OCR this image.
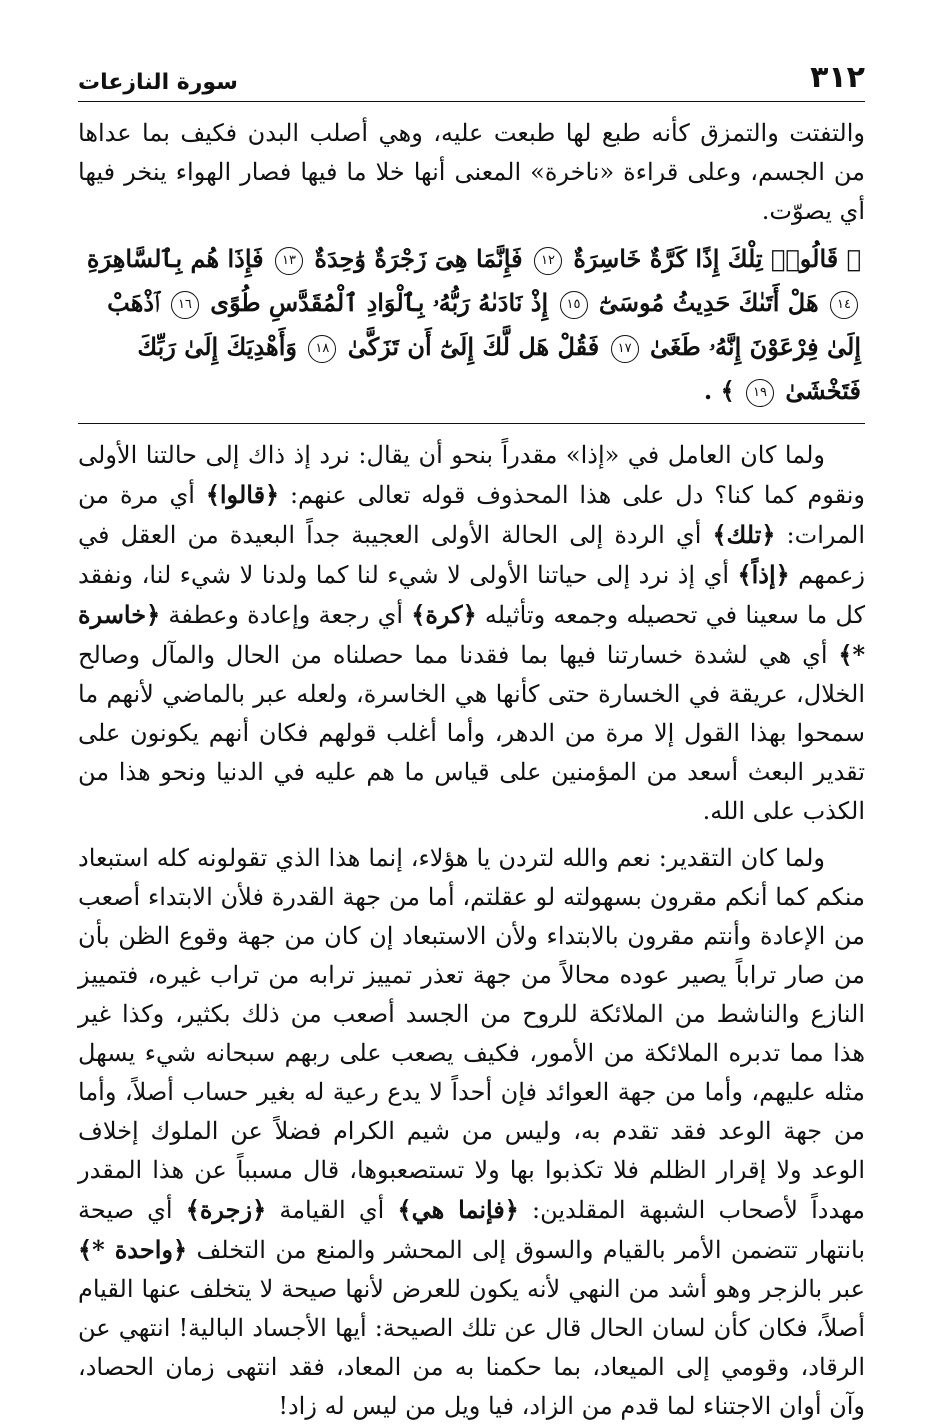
٣١٢
سورة النازعات

والتفتت والتمزق كأنه طبع لها طبعت عليه، وهي أصلب البدن فكيف بما عداها من الجسم، وعلى قراءة «ناخرة» المعنى أنها خلا ما فيها فصار الهواء ينخر فيها أي يصوّت.

﴿ قَالُوا۟ تِلْكَ إِذًا كَرَّةٌ خَاسِرَةٌ ١٢ فَإِنَّمَا هِىَ زَجْرَةٌ وَٰحِدَةٌ ١٣ فَإِذَا هُم بِٱلسَّاهِرَةِ ١٤ هَلْ أَتَىٰكَ حَدِيثُ مُوسَىٰٓ ١٥ إِذْ نَادَىٰهُ رَبُّهُۥ بِٱلْوَادِ ٱلْمُقَدَّسِ طُوًى ١٦ ٱذْهَبْ إِلَىٰ فِرْعَوْنَ إِنَّهُۥ طَغَىٰ ١٧ فَقُلْ هَل لَّكَ إِلَىٰٓ أَن تَزَكَّىٰ ١٨ وَأَهْدِيَكَ إِلَىٰ رَبِّكَ فَتَخْشَىٰ ١٩ ﴾ .

ولما كان العامل في «إذا» مقدراً بنحو أن يقال: نرد إذ ذاك إلى حالتنا الأولى ونقوم كما كنا؟ دل على هذا المحذوف قوله تعالى عنهم: ﴿قالوا﴾ أي مرة من المرات: ﴿تلك﴾ أي الردة إلى الحالة الأولى العجيبة جداً البعيدة من العقل في زعمهم ﴿إذاً﴾ أي إذ نرد إلى حياتنا الأولى لا شيء لنا كما ولدنا لا شيء لنا، ونفقد كل ما سعينا في تحصيله وجمعه وتأثيله ﴿كرة﴾ أي رجعة وإعادة وعطفة ﴿خاسرة *﴾ أي هي لشدة خسارتنا فيها بما فقدنا مما حصلناه من الحال والمآل وصالح الخلال، عريقة في الخسارة حتى كأنها هي الخاسرة، ولعله عبر بالماضي لأنهم ما سمحوا بهذا القول إلا مرة من الدهر، وأما أغلب قولهم فكان أنهم يكونون على تقدير البعث أسعد من المؤمنين على قياس ما هم عليه في الدنيا ونحو هذا من الكذب على الله.

ولما كان التقدير: نعم والله لتردن يا هؤلاء، إنما هذا الذي تقولونه كله استبعاد منكم كما أنكم مقرون بسهولته لو عقلتم، أما من جهة القدرة فلأن الابتداء أصعب من الإعادة وأنتم مقرون بالابتداء ولأن الاستبعاد إن كان من جهة وقوع الظن بأن من صار تراباً يصير عوده محالاً من جهة تعذر تمييز ترابه من تراب غيره، فتمييز النازع والناشط من الملائكة للروح من الجسد أصعب من ذلك بكثير، وكذا غير هذا مما تدبره الملائكة من الأمور، فكيف يصعب على ربهم سبحانه شيء يسهل مثله عليهم، وأما من جهة العوائد فإن أحداً لا يدع رعية له بغير حساب أصلاً، وأما من جهة الوعد فقد تقدم به، وليس من شيم الكرام فضلاً عن الملوك إخلاف الوعد ولا إقرار الظلم فلا تكذبوا بها ولا تستصعبوها، قال مسبباً عن هذا المقدر مهدداً لأصحاب الشبهة المقلدين: ﴿فإنما هي﴾ أي القيامة ﴿زجرة﴾ أي صيحة بانتهار تتضمن الأمر بالقيام والسوق إلى المحشر والمنع من التخلف ﴿واحدة *﴾ عبر بالزجر وهو أشد من النهي لأنه يكون للعرض لأنها صيحة لا يتخلف عنها القيام أصلاً، فكان كأن لسان الحال قال عن تلك الصيحة: أيها الأجساد البالية! انتهي عن الرقاد، وقومي إلى الميعاد، بما حكمنا به من المعاد، فقد انتهى زمان الحصاد، وآن أوان الاجتناء لما قدم من الزاد، فيا ويل من ليس له زاد!
